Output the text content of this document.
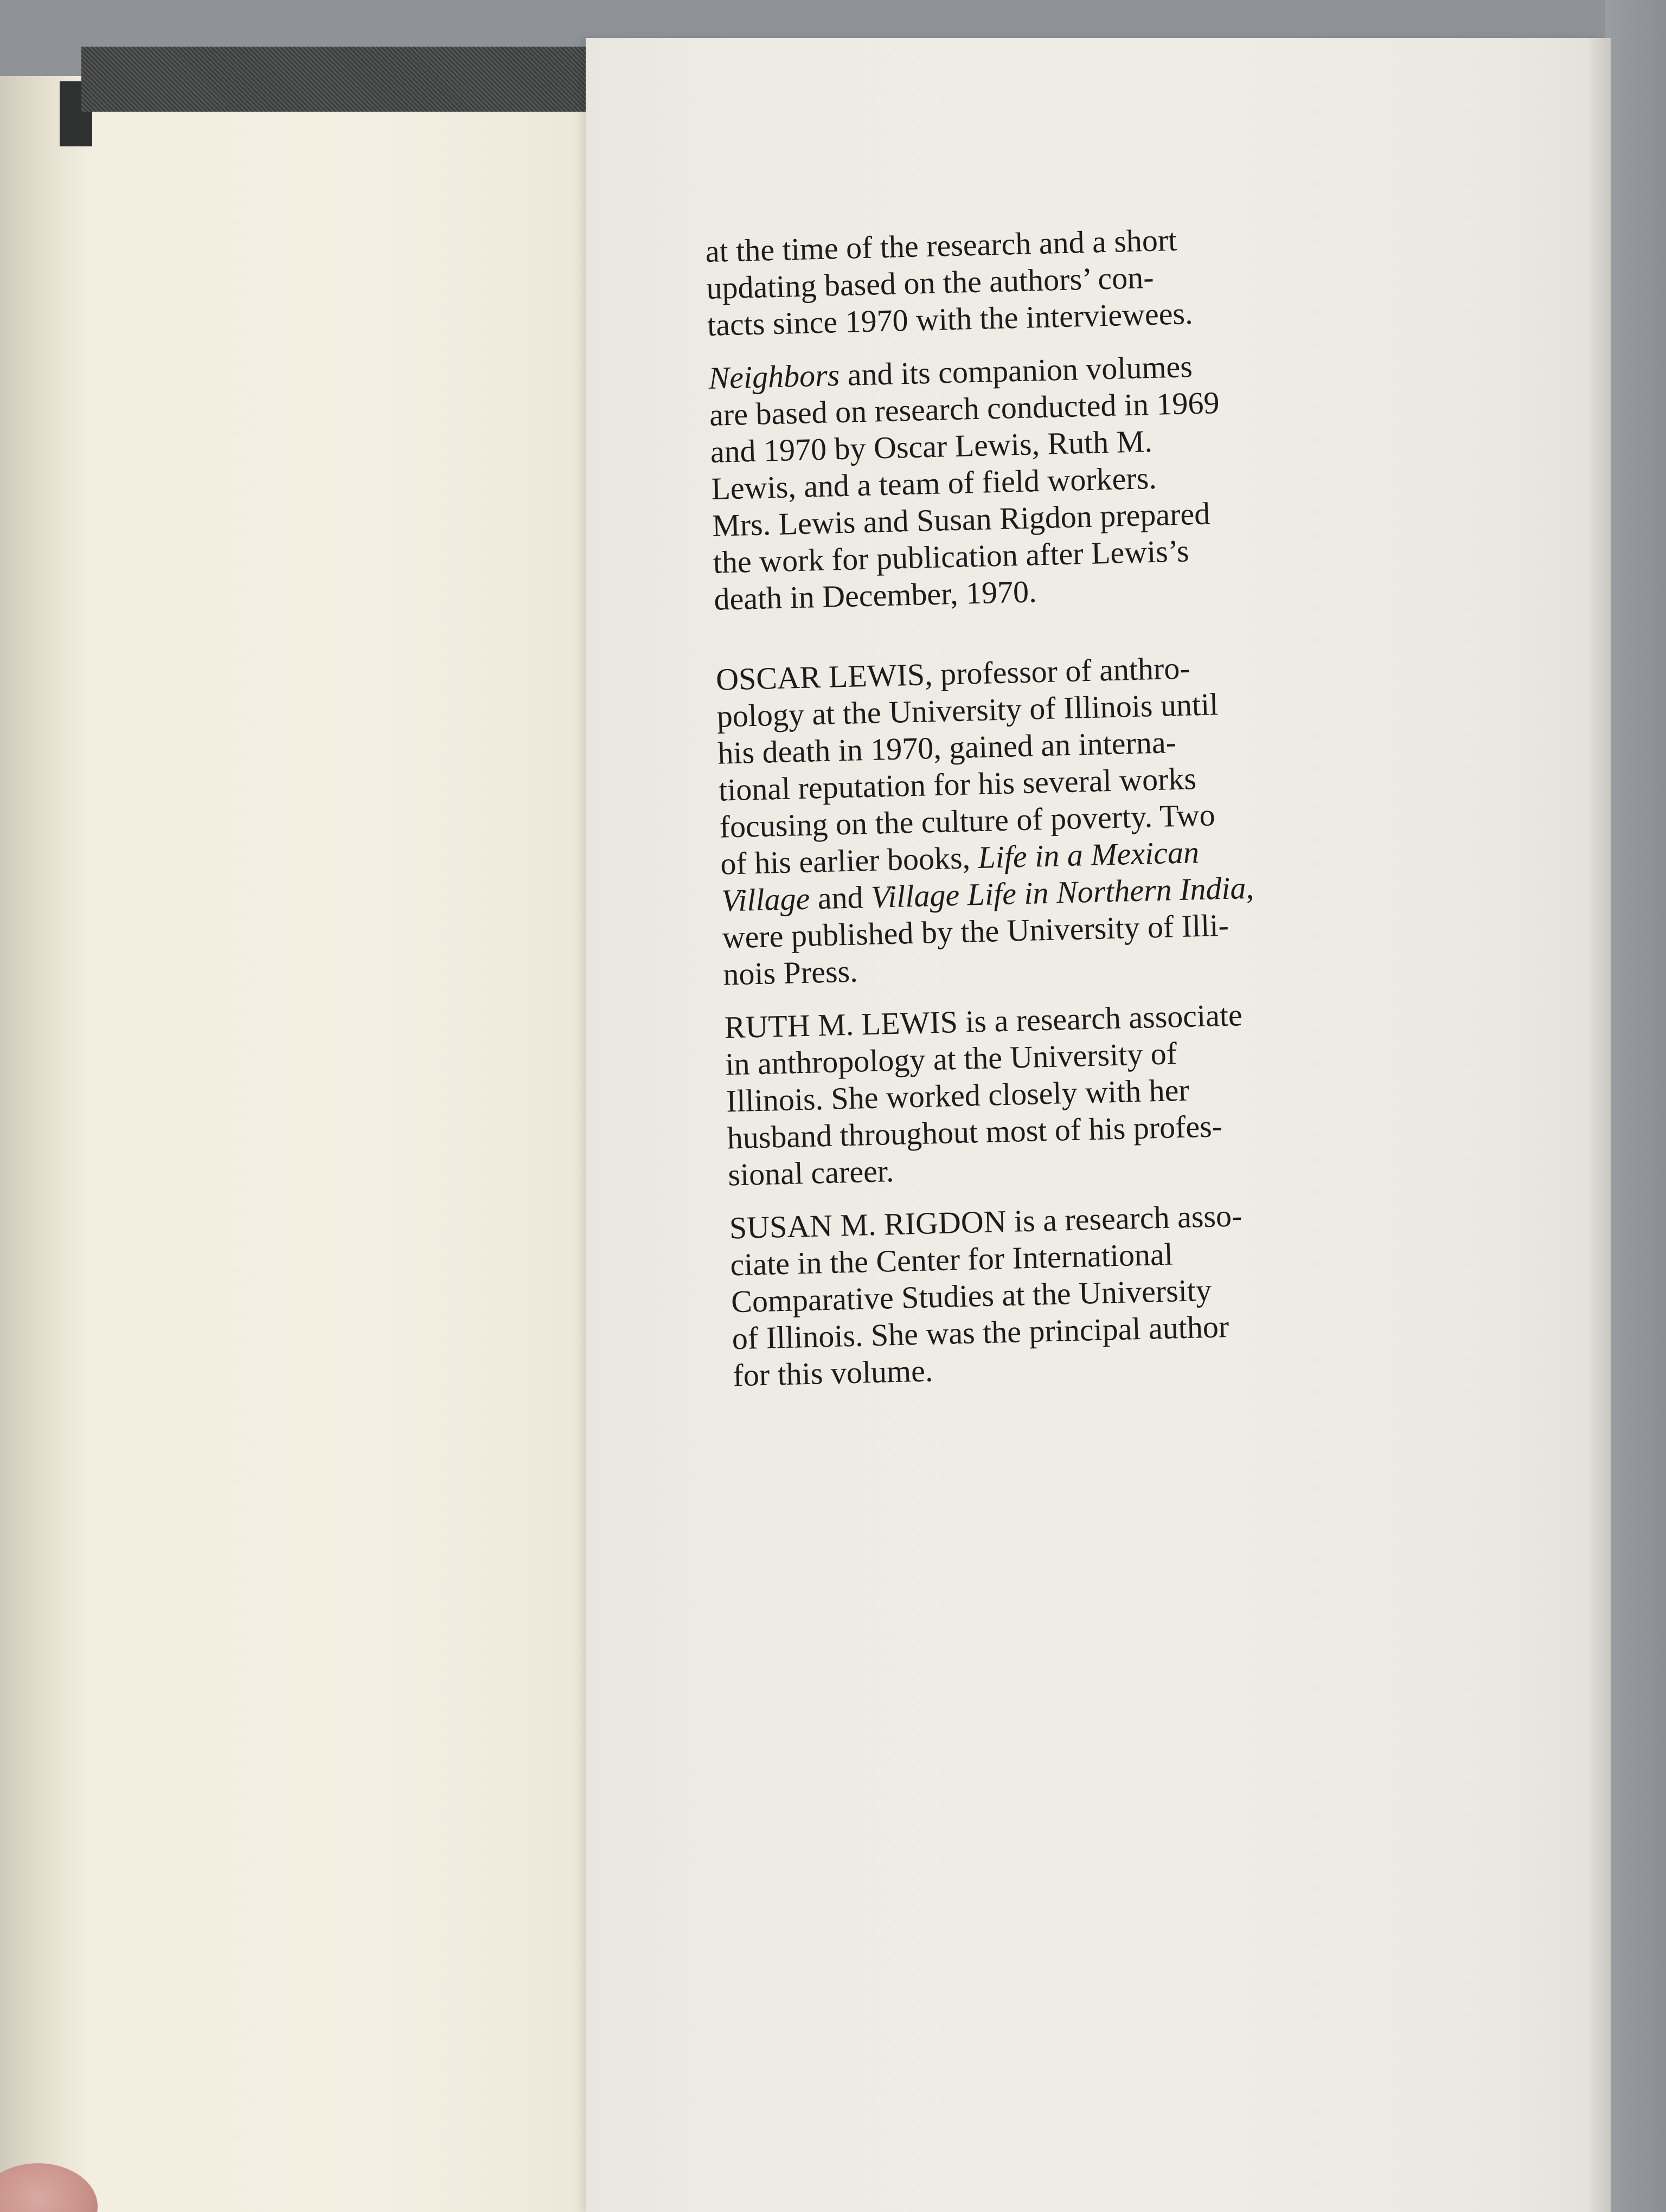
at the time of the research and a short
updating based on the authors’ con-
tacts since 1970 with the interviewees.
Neighbors and its companion volumes
are based on research conducted in 1969
and 1970 by Oscar Lewis, Ruth M.
Lewis, and a team of field workers.
Mrs. Lewis and Susan Rigdon prepared
the work for publication after Lewis’s
death in December, 1970.
OSCAR LEWIS, professor of anthro-
pology at the University of Illinois until
his death in 1970, gained an interna-
tional reputation for his several works
focusing on the culture of poverty. Two
of his earlier books, Life in a Mexican
Village and Village Life in Northern India,
were published by the University of Illi-
nois Press.
RUTH M. LEWIS is a research associate
in anthropology at the University of
Illinois. She worked closely with her
husband throughout most of his profes-
sional career.
SUSAN M. RIGDON is a research asso-
ciate in the Center for International
Comparative Studies at the University
of Illinois. She was the principal author
for this volume.
